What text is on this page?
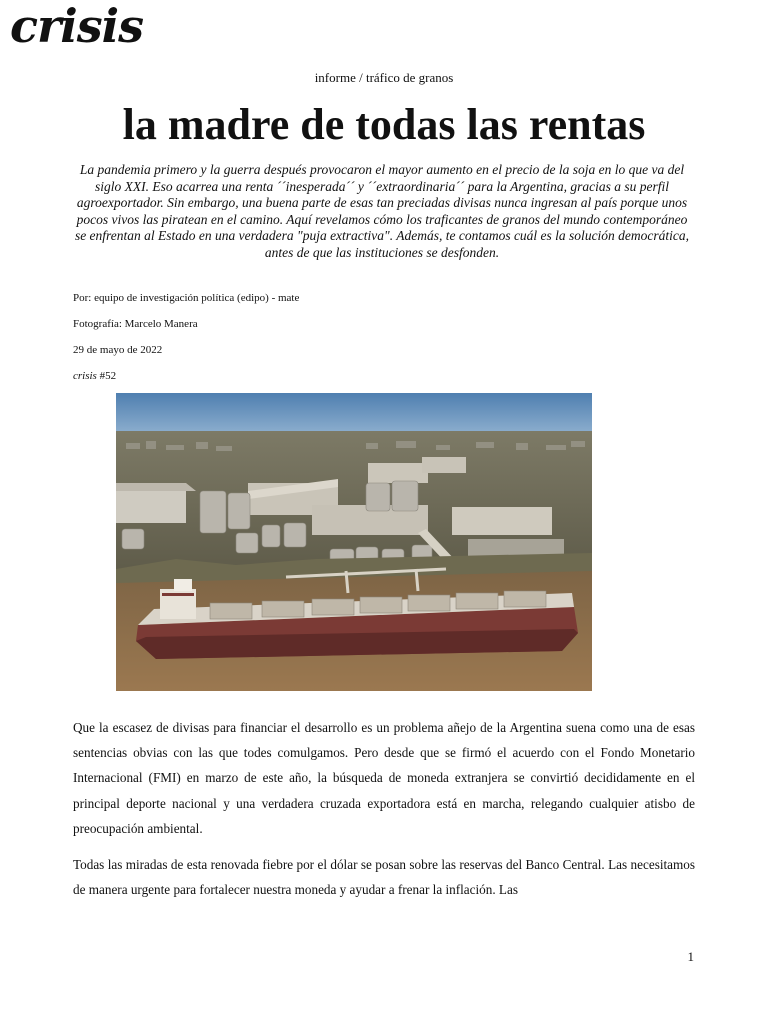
crisis
informe / tráfico de granos
la madre de todas las rentas
La pandemia primero y la guerra después provocaron el mayor aumento en el precio de la soja en lo que va del siglo XXI. Eso acarrea una renta ´´inesperada´´ y ´´extraordinaria´´ para la Argentina, gracias a su perfil agroexportador. Sin embargo, una buena parte de esas tan preciadas divisas nunca ingresan al país porque unos pocos vivos las piratean en el camino. Aquí revelamos cómo los traficantes de granos del mundo contemporáneo se enfrentan al Estado en una verdadera "puja extractiva". Además, te contamos cuál es la solución democrática, antes de que las instituciones se desfonden.
Por: equipo de investigación política (edipo) - mate
Fotografía: Marcelo Manera
29 de mayo de 2022
crisis #52

Que la escasez de divisas para financiar el desarrollo es un problema añejo de la Argentina suena como una de esas sentencias obvias con las que todes comulgamos. Pero desde que se firmó el acuerdo con el Fondo Monetario Internacional (FMI) en marzo de este año, la búsqueda de moneda extranjera se convirtió decididamente en el principal deporte nacional y una verdadera cruzada exportadora está en marcha, relegando cualquier atisbo de preocupación ambiental.

Todas las miradas de esta renovada fiebre por el dólar se posan sobre las reservas del Banco Central. Las necesitamos de manera urgente para fortalecer nuestra moneda y ayudar a frenar la inflación. Las

1
